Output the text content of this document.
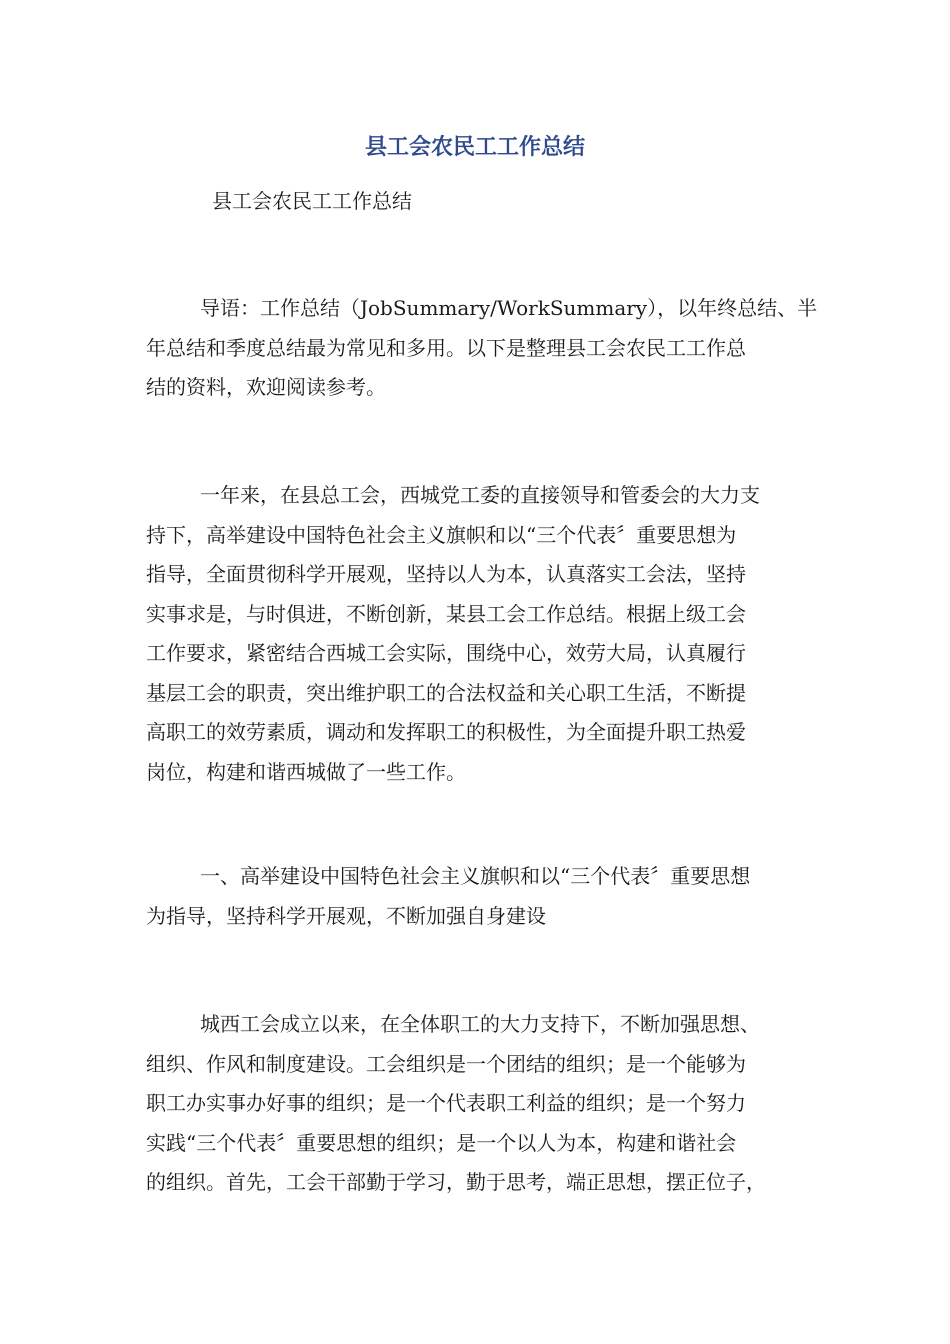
县工会农民工工作总结

县工会农民工工作总结

导语：工作总结（JobSummary/WorkSummary），以年终总结、半
年总结和季度总结最为常见和多用。以下是整理县工会农民工工作总
结的资料，欢迎阅读参考。

一年来，在县总工会，西城党工委的直接领导和管委会的大力支
持下，高举建设中国特色社会主义旗帜和以“三个代表〞重要思想为
指导，全面贯彻科学开展观，坚持以人为本，认真落实工会法，坚持
实事求是，与时俱进，不断创新，某县工会工作总结。根据上级工会
工作要求，紧密结合西城工会实际，围绕中心，效劳大局，认真履行
基层工会的职责，突出维护职工的合法权益和关心职工生活，不断提
高职工的效劳素质，调动和发挥职工的积极性，为全面提升职工热爱
岗位，构建和谐西城做了一些工作。

一、高举建设中国特色社会主义旗帜和以“三个代表〞重要思想
为指导，坚持科学开展观，不断加强自身建设

城西工会成立以来，在全体职工的大力支持下，不断加强思想、
组织、作风和制度建设。工会组织是一个团结的组织；是一个能够为
职工办实事办好事的组织；是一个代表职工利益的组织；是一个努力
实践“三个代表〞重要思想的组织；是一个以人为本，构建和谐社会
的组织。首先，工会干部勤于学习，勤于思考，端正思想，摆正位子，
